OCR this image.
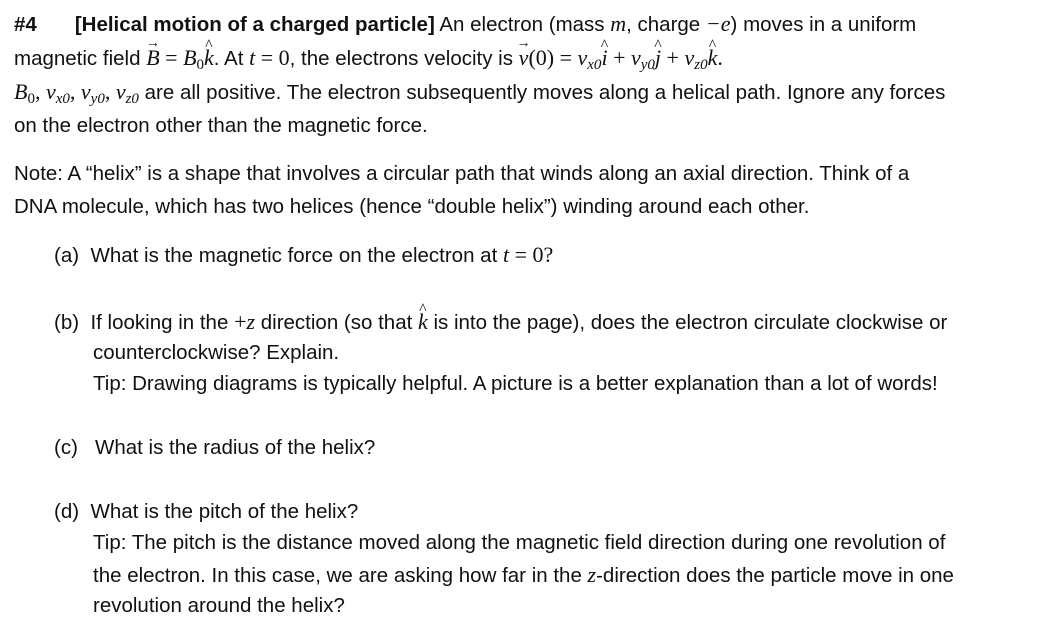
#4 [Helical motion of a charged particle] An electron (mass m, charge −e) moves in a uniform
magnetic field B → = $B_0k$ ^. At t = 0, the electrons velocity is $v \to(0) = v_{x0}i$ ^ + $v_{y0}j$ ^ + $v_{z0}k$ ^.
$B_0$, $v_{x0}$, $v_{y0}$, $v_{z0}$ are all positive. The electron subsequently moves along a helical path. Ignore any forces
on the electron other than the magnetic force.
Note: A “helix” is a shape that involves a circular path that winds along an axial direction. Think of a
DNA molecule, which has two helices (hence “double helix”) winding around each other.
(a) What is the magnetic force on the electron at t = 0?
(b) If looking in the +z direction (so that k ^ is into the page), does the electron circulate clockwise or
counterclockwise? Explain.
Tip: Drawing diagrams is typically helpful. A picture is a better explanation than a lot of words!
(c) What is the radius of the helix?
(d) What is the pitch of the helix?
Tip: The pitch is the distance moved along the magnetic field direction during one revolution of
the electron. In this case, we are asking how far in the z-direction does the particle move in one
revolution around the helix?
